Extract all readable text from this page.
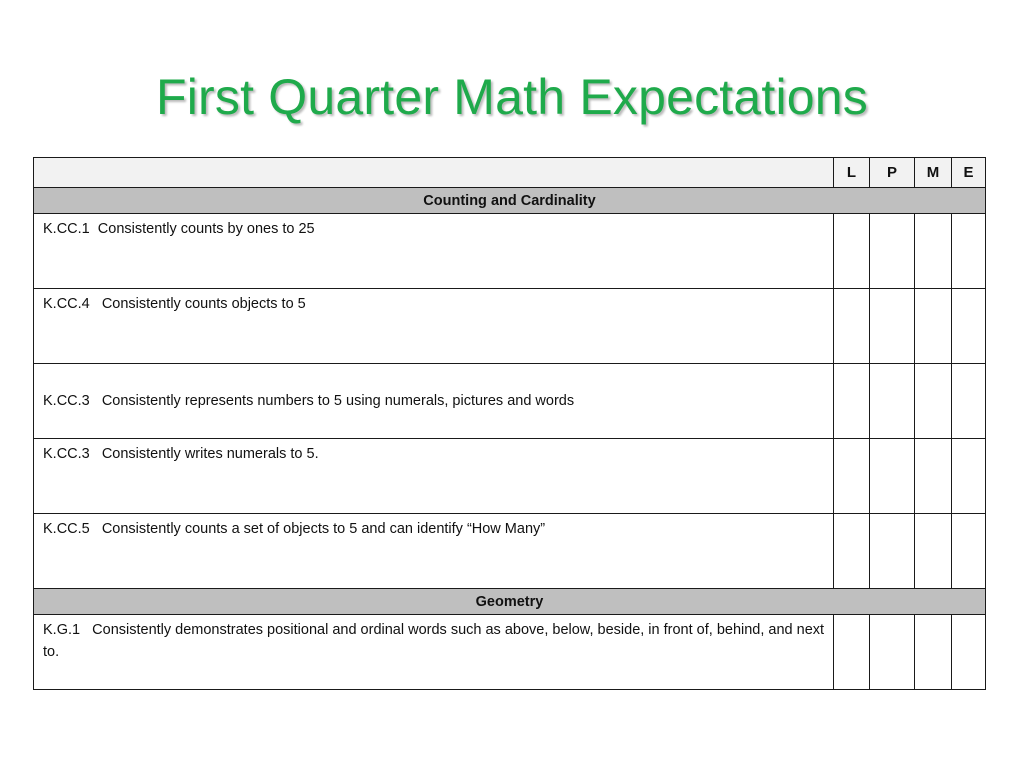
First Quarter Math Expectations
	L	P	M	E
Counting and Cardinality				
K.CC.1  Consistently counts by ones to 25				
K.CC.4   Consistently counts objects to 5				
K.CC.3   Consistently represents numbers to 5 using numerals, pictures and words				
K.CC.3   Consistently writes numerals to 5.				
K.CC.5   Consistently counts a set of objects to 5 and can identify “How Many”				
Geometry				
K.G.1   Consistently demonstrates positional and ordinal words such as above, below, beside, in front of, behind, and next to.				
